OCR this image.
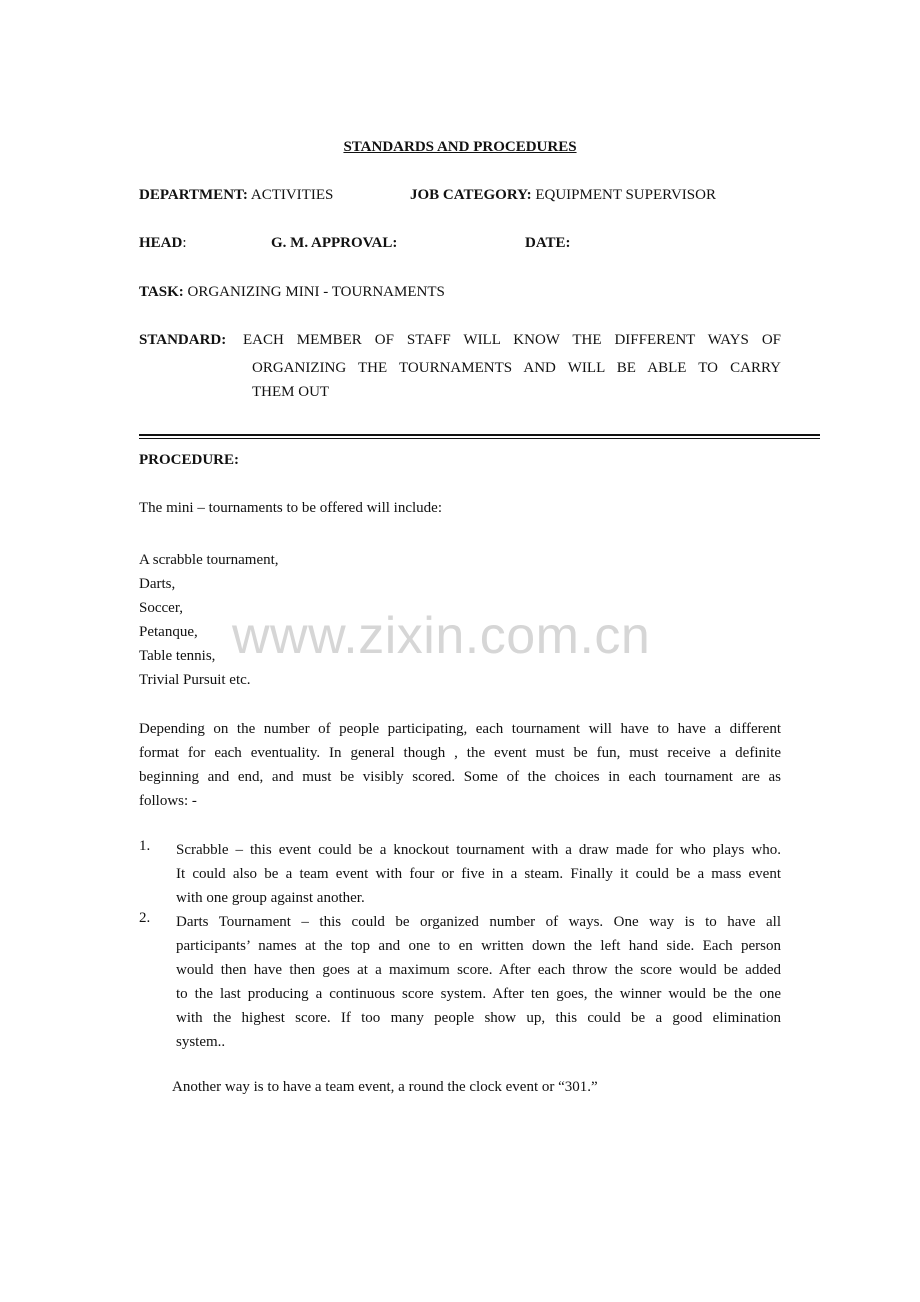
STANDARDS AND PROCEDURES
DEPARTMENT: ACTIVITIES	JOB CATEGORY: EQUIPMENT SUPERVISOR
HEAD:	G. M. APPROVAL:	DATE:
TASK: ORGANIZING MINI - TOURNAMENTS
STANDARD: EACH MEMBER OF STAFF WILL KNOW THE DIFFERENT WAYS OF
ORGANIZING THE TOURNAMENTS AND WILL BE ABLE TO CARRY
THEM OUT
PROCEDURE:
The mini – tournaments to be offered will include:
A scrabble tournament,
Darts,
Soccer,
Petanque,
Table tennis,
Trivial Pursuit etc.
www.zixin.com.cn
Depending on the number of people participating, each tournament will have to have a different
format for each eventuality. In general though , the event must be fun, must receive a definite
beginning and end, and must be visibly scored. Some of the choices in each tournament are as
follows: -
1. Scrabble – this event could be a knockout tournament with a draw made for who plays who.
It could also be a team event with four or five in a steam. Finally it could be a mass event
with one group against another.
2. Darts Tournament – this could be organized number of ways. One way is to have all
participants’ names at the top and one to en written down the left hand side. Each person
would then have then goes at a maximum score. After each throw the score would be added
to the last producing a continuous score system. After ten goes, the winner would be the one
with the highest score. If too many people show up, this could be a good elimination
system..
Another way is to have a team event, a round the clock event or “301.”
